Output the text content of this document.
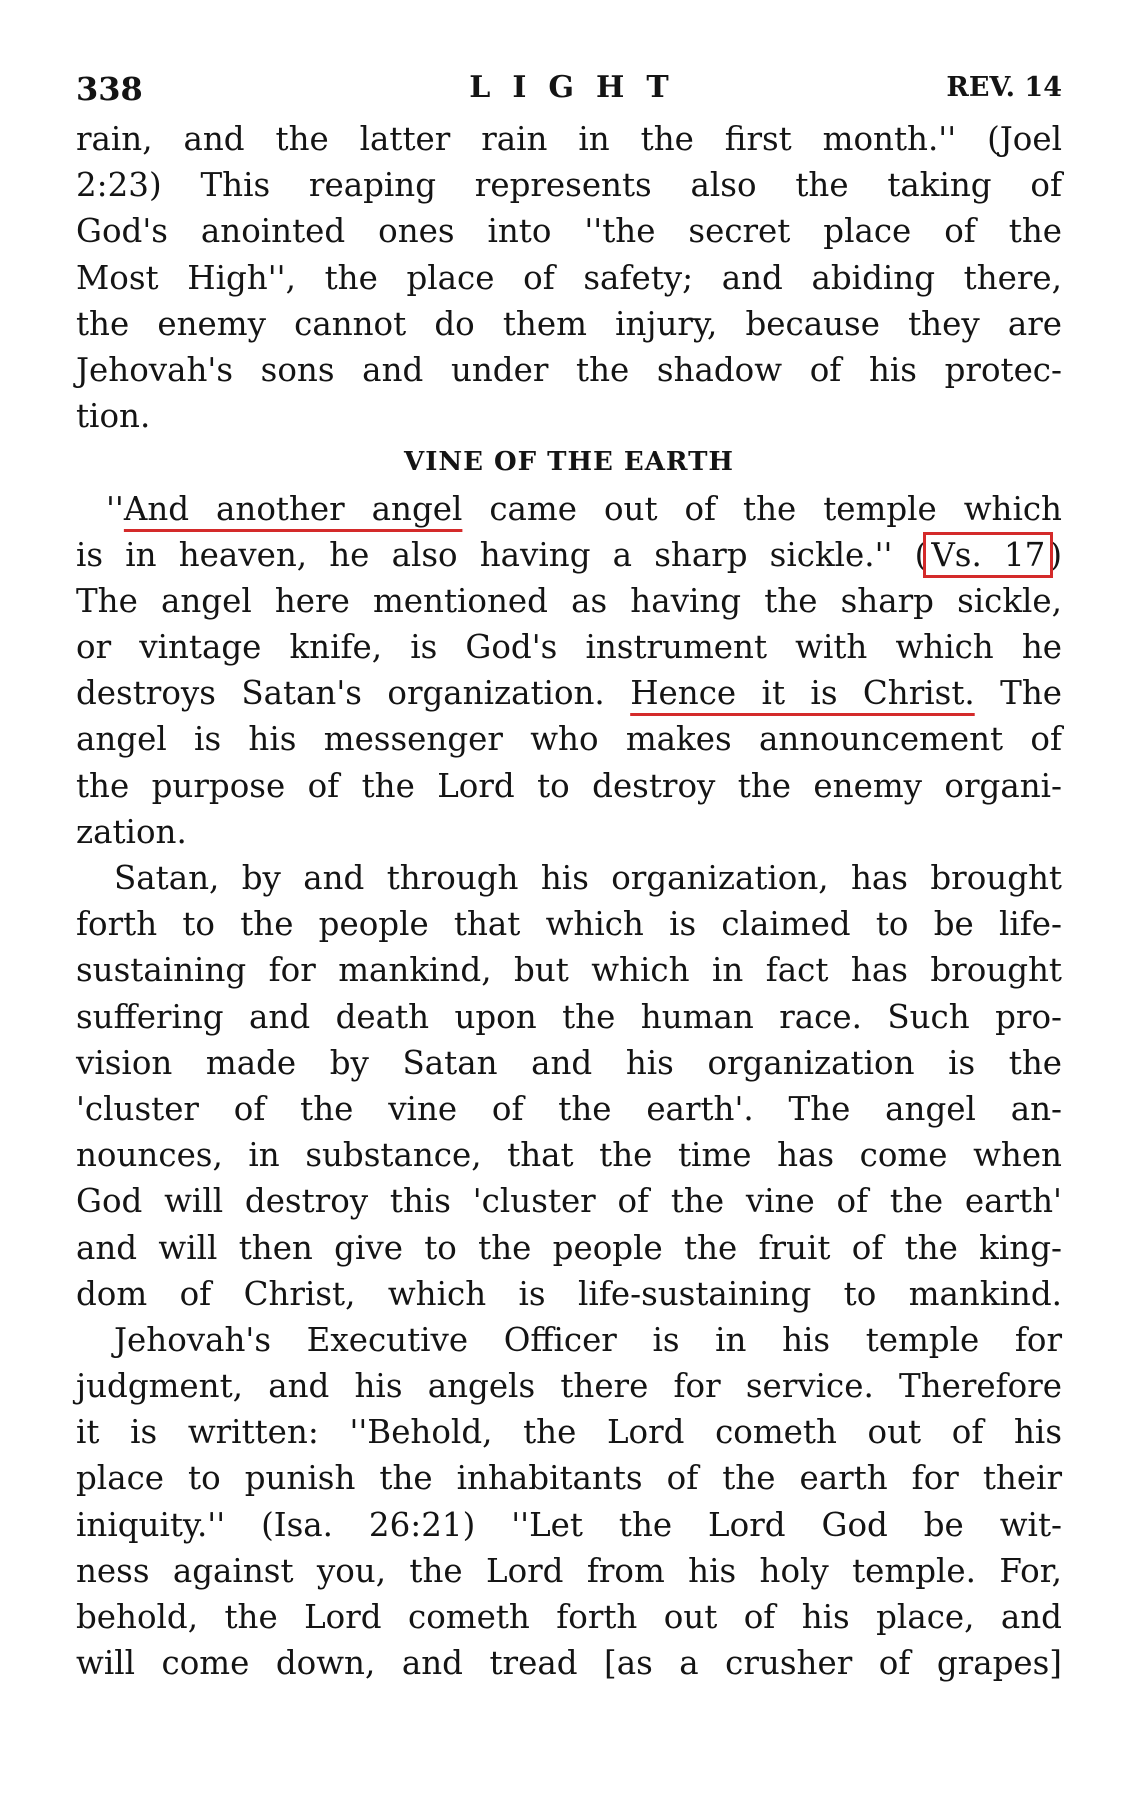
338	LIGHT	REV. 14
rain, and the latter rain in the first month.'' (Joel
2:23) This reaping represents also the taking of
God's anointed ones into ''the secret place of the
Most High'', the place of safety; and abiding there,
the enemy cannot do them injury, because they are
Jehovah's sons and under the shadow of his protec-
tion.
VINE OF THE EARTH
''And another angel came out of the temple which
is in heaven, he also having a sharp sickle.'' ( Vs. 17 )
The angel here mentioned as having the sharp sickle,
or vintage knife, is God's instrument with which he
destroys Satan's organization. Hence it is Christ. The
angel is his messenger who makes announcement of
the purpose of the Lord to destroy the enemy organi-
zation.
Satan, by and through his organization, has brought
forth to the people that which is claimed to be life-
sustaining for mankind, but which in fact has brought
suffering and death upon the human race. Such pro-
vision made by Satan and his organization is the
'cluster of the vine of the earth'. The angel an-
nounces, in substance, that the time has come when
God will destroy this 'cluster of the vine of the earth'
and will then give to the people the fruit of the king-
dom of Christ, which is life-sustaining to mankind.
Jehovah's Executive Officer is in his temple for
judgment, and his angels there for service. Therefore
it is written: ''Behold, the Lord cometh out of his
place to punish the inhabitants of the earth for their
iniquity.'' (Isa. 26:21) ''Let the Lord God be wit-
ness against you, the Lord from his holy temple. For,
behold, the Lord cometh forth out of his place, and
will come down, and tread [as a crusher of grapes]
